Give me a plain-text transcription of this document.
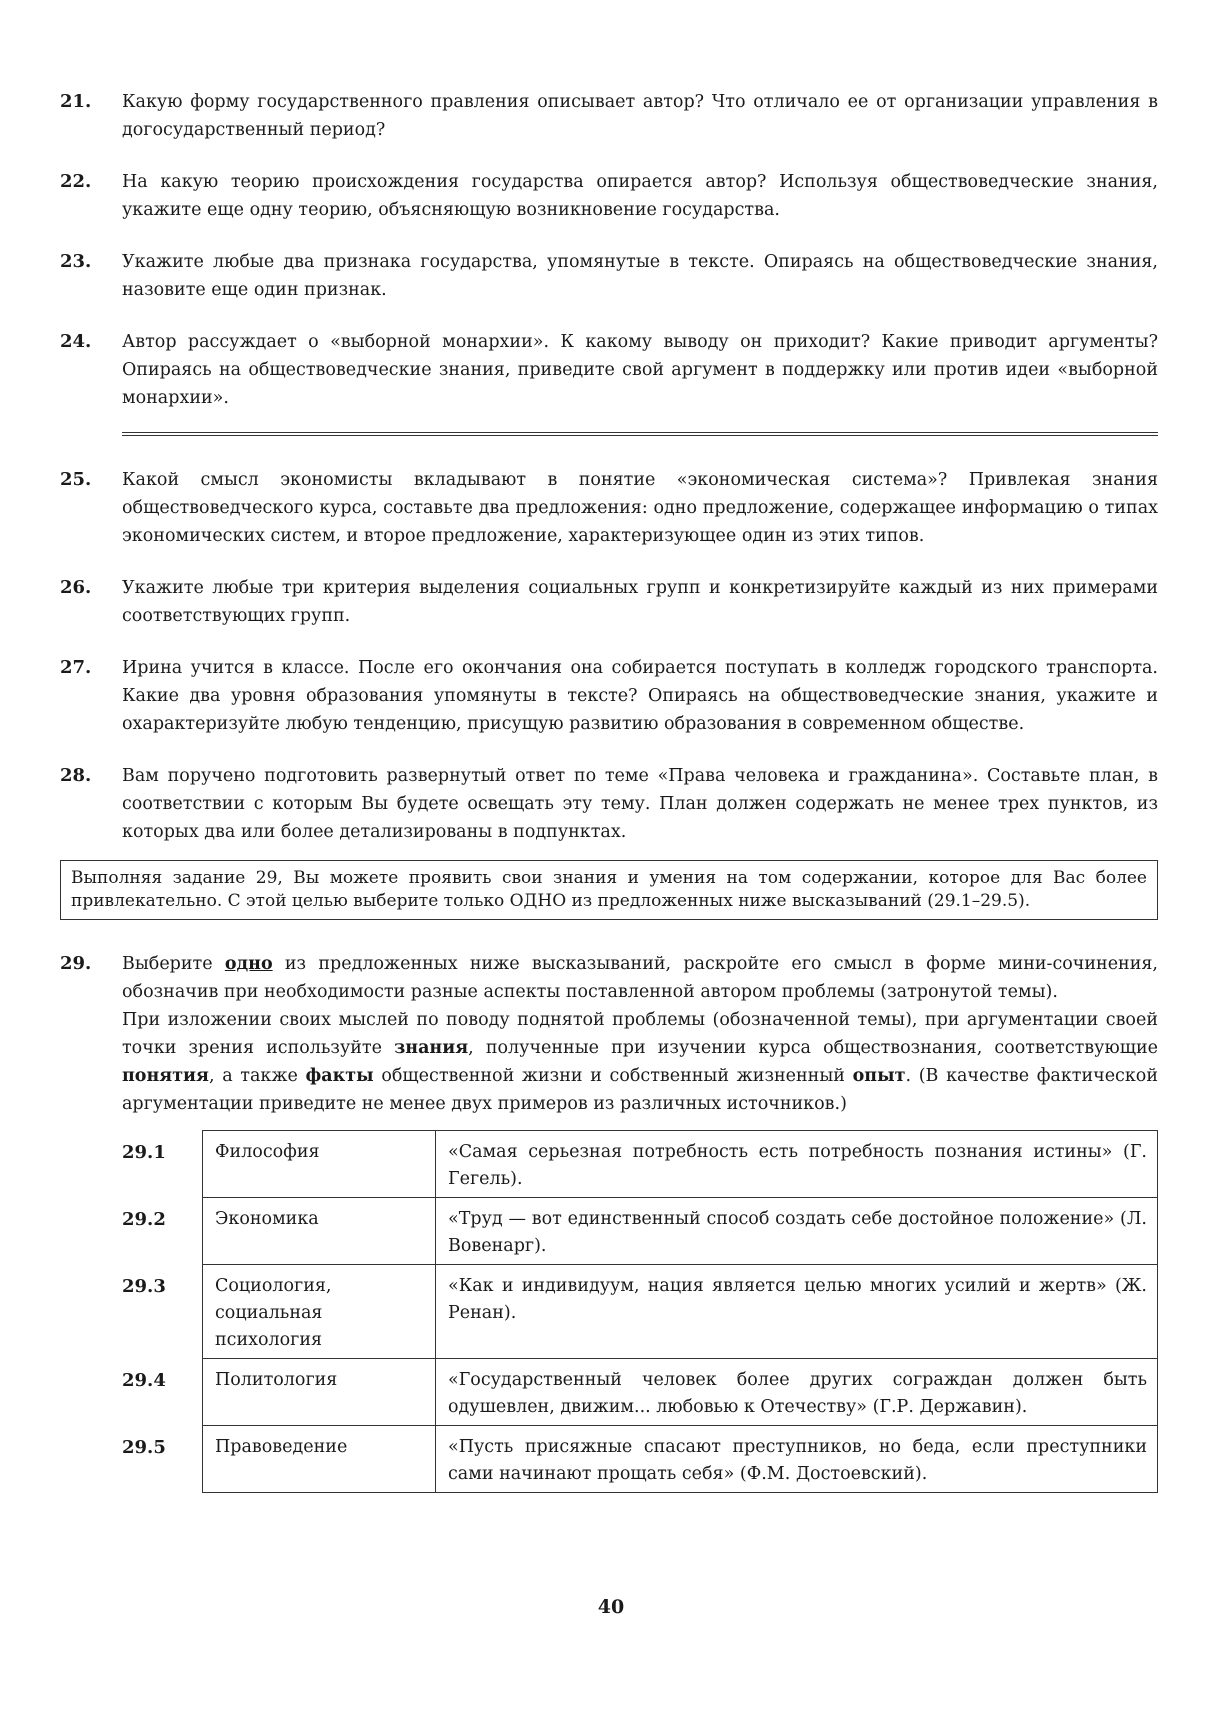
21.	Какую форму государственного правления описывает автор? Что отличало ее от организации управления в догосударственный период?
22.	На какую теорию происхождения государства опирается автор? Используя обществоведческие знания, укажите еще одну теорию, объясняющую возникновение государства.
23.	Укажите любые два признака государства, упомянутые в тексте. Опираясь на обществоведческие знания, назовите еще один признак.
24.	Автор рассуждает о «выборной монархии». К какому выводу он приходит? Какие приводит аргументы? Опираясь на обществоведческие знания, приведите свой аргумент в поддержку или против идеи «выборной монархии».
25.	Какой смысл экономисты вкладывают в понятие «экономическая система»? Привлекая знания обществоведческого курса, составьте два предложения: одно предложение, содержащее информацию о типах экономических систем, и второе предложение, характеризующее один из этих типов.
26.	Укажите любые три критерия выделения социальных групп и конкретизируйте каждый из них примерами соответствующих групп.
27.	Ирина учится в классе. После его окончания она собирается поступать в колледж городского транспорта. Какие два уровня образования упомянуты в тексте? Опираясь на обществоведческие знания, укажите и охарактеризуйте любую тенденцию, присущую развитию образования в современном обществе.
28.	Вам поручено подготовить развернутый ответ по теме «Права человека и гражданина». Составьте план, в соответствии с которым Вы будете освещать эту тему. План должен содержать не менее трех пунктов, из которых два или более детализированы в подпунктах.

Выполняя задание 29, Вы можете проявить свои знания и умения на том содержании, которое для Вас более привлекательно. С этой целью выберите только ОДНО из предложенных ниже высказываний (29.1–29.5).

29.	Выберите одно из предложенных ниже высказываний, раскройте его смысл в форме мини-сочинения, обозначив при необходимости разные аспекты поставленной автором проблемы (затронутой темы).

При изложении своих мыслей по поводу поднятой проблемы (обозначенной темы), при аргументации своей точки зрения используйте знания, полученные при изучении курса обществознания, соответствующие понятия, а также факты общественной жизни и собственный жизненный опыт. (В качестве фактической аргументации приведите не менее двух примеров из различных источников.)

29.1	Философия	«Самая серьезная потребность есть потребность познания истины» (Г. Гегель).
29.2	Экономика	«Труд — вот единственный способ создать себе достойное положение» (Л. Вовенарг).
29.3	Социология, социальная психология	«Как и индивидуум, нация является целью многих усилий и жертв» (Ж. Ренан).
29.4	Политология	«Государственный человек более других сограждан должен быть одушевлен, движим... любовью к Отечеству» (Г.Р. Державин).
29.5	Правоведение	«Пусть присяжные спасают преступников, но беда, если преступники сами начинают прощать себя» (Ф.М. Достоевский).
40
